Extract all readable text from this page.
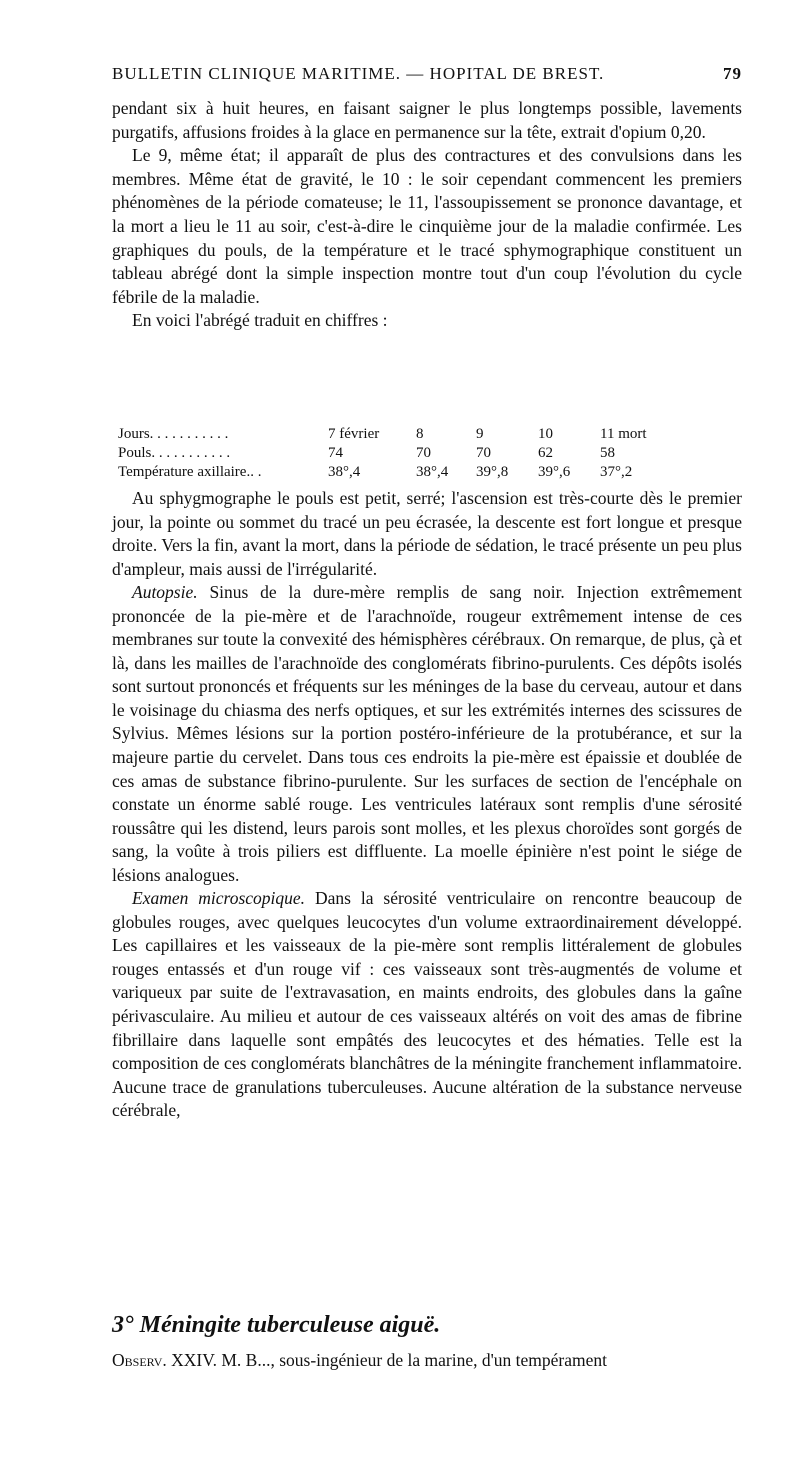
BULLETIN CLINIQUE MARITIME. — HOPITAL DE BREST.	79

pendant six à huit heures, en faisant saigner le plus longtemps possible, lavements purgatifs, affusions froides à la glace en permanence sur la tête, extrait d'opium 0,20.

Le 9, même état; il apparaît de plus des contractures et des convulsions dans les membres. Même état de gravité, le 10 : le soir cependant commencent les premiers phénomènes de la période comateuse; le 11, l'assoupissement se prononce davantage, et la mort a lieu le 11 au soir, c'est-à-dire le cinquième jour de la maladie confirmée. Les graphiques du pouls, de la température et le tracé sphymographique constituent un tableau abrégé dont la simple inspection montre tout d'un coup l'évolution du cycle fébrile de la maladie.

En voici l'abrégé traduit en chiffres :

Jours. . . . . . . . . . .	7 février 8	9	10	11 mort
Pouls. . . . . . . . . . .	74	70	70	62	58
Température axillaire.. .	38°,4	38°,4 39°,8 39°,6 37°,2

Au sphygmographe le pouls est petit, serré; l'ascension est très-courte dès le premier jour, la pointe ou sommet du tracé un peu écrasée, la descente est fort longue et presque droite. Vers la fin, avant la mort, dans la période de sédation, le tracé présente un peu plus d'ampleur, mais aussi de l'irrégularité.

Autopsie. Sinus de la dure-mère remplis de sang noir. Injection extrêmement prononcée de la pie-mère et de l'arachnoïde, rougeur extrêmement intense de ces membranes sur toute la convexité des hémisphères cérébraux. On remarque, de plus, çà et là, dans les mailles de l'arachnoïde des conglomérats fibrino-purulents. Ces dépôts isolés sont surtout prononcés et fréquents sur les méninges de la base du cerveau, autour et dans le voisinage du chiasma des nerfs optiques, et sur les extrémités internes des scissures de Sylvius. Mêmes lésions sur la portion postéro-inférieure de la protubérance, et sur la majeure partie du cervelet. Dans tous ces endroits la pie-mère est épaissie et doublée de ces amas de substance fibrino-purulente. Sur les surfaces de section de l'encéphale on constate un énorme sablé rouge. Les ventricules latéraux sont remplis d'une sérosité roussâtre qui les distend, leurs parois sont molles, et les plexus choroïdes sont gorgés de sang, la voûte à trois piliers est diffluente. La moelle épinière n'est point le siége de lésions analogues.

Examen microscopique. Dans la sérosité ventriculaire on rencontre beaucoup de globules rouges, avec quelques leucocytes d'un volume extraordinairement développé. Les capillaires et les vaisseaux de la pie-mère sont remplis littéralement de globules rouges entassés et d'un rouge vif : ces vaisseaux sont très-augmentés de volume et variqueux par suite de l'extravasation, en maints endroits, des globules dans la gaîne périvasculaire. Au milieu et autour de ces vaisseaux altérés on voit des amas de fibrine fibrillaire dans laquelle sont empâtés des leucocytes et des hématies. Telle est la composition de ces conglomérats blanchâtres de la méningite franchement inflammatoire. Aucune trace de granulations tuberculeuses. Aucune altération de la substance nerveuse cérébrale,

3° Méningite tuberculeuse aiguë.
Observ. XXIV. M. B..., sous-ingénieur de la marine, d'un tempérament
